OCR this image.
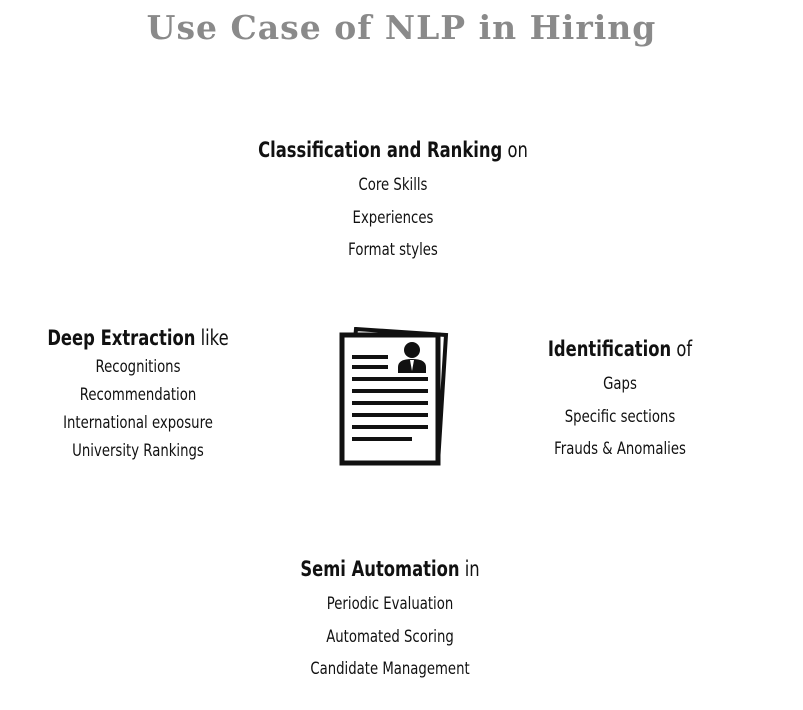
Use Case of NLP in Hiring
Classification and Ranking on
Core Skills
Experiences
Format styles
Deep Extraction like
Recognitions
Recommendation
International exposure
University Rankings
Identification of
Gaps
Specific sections
Frauds & Anomalies
Semi Automation in
Periodic Evaluation
Automated Scoring
Candidate Management
